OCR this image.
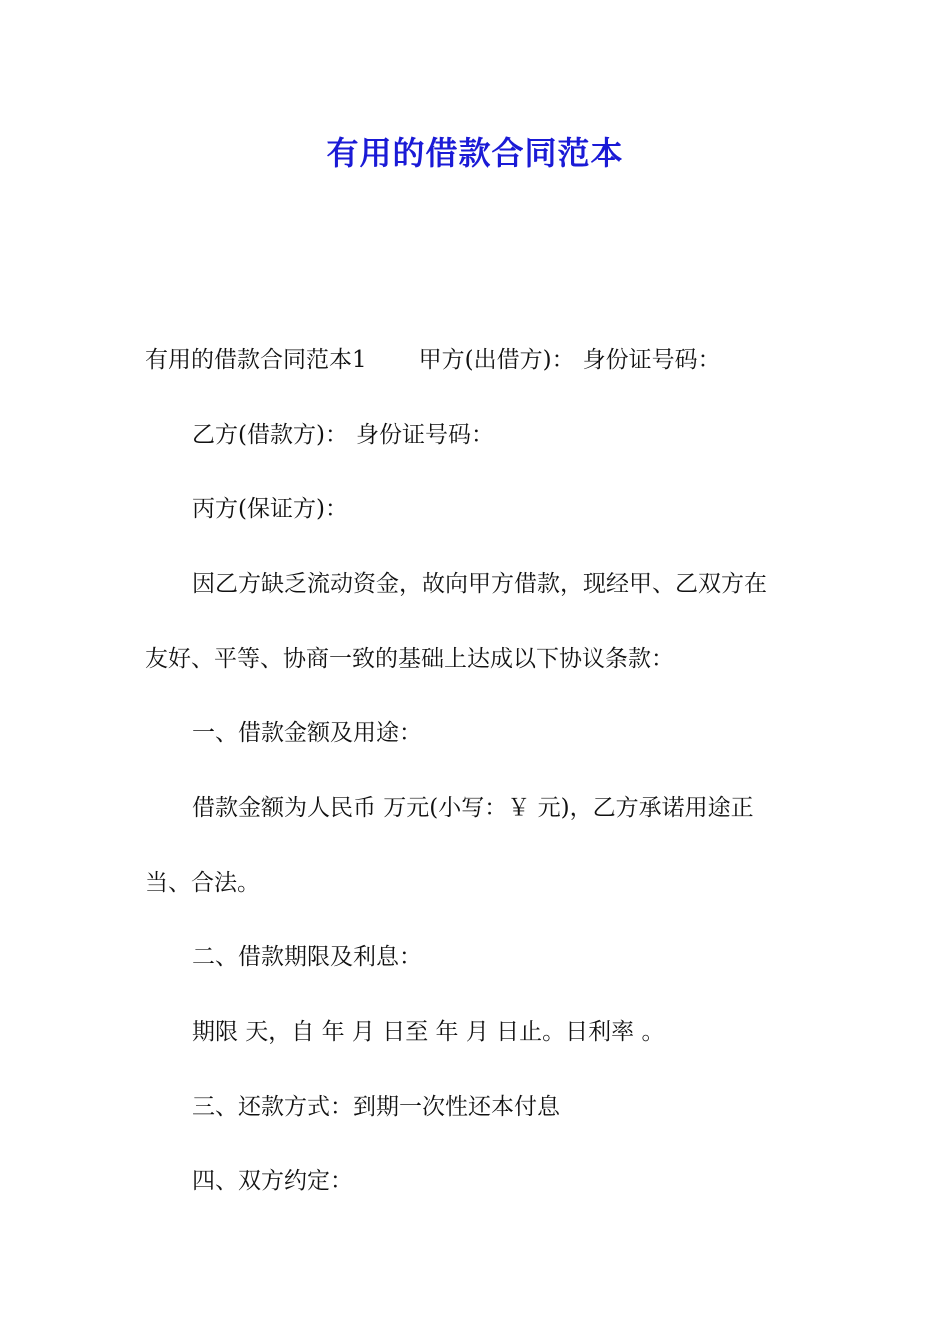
有用的借款合同范本
有用的借款合同范本1 甲方(出借方)： 身份证号码：
乙方(借款方)： 身份证号码：
丙方(保证方)：
因乙方缺乏流动资金，故向甲方借款，现经甲、乙双方在
友好、平等、协商一致的基础上达成以下协议条款：
一、借款金额及用途：
借款金额为人民币 万元(小写：￥ 元)，乙方承诺用途正
当、合法。
二、借款期限及利息：
期限 天，自 年 月 日至 年 月 日止。日利率 。
三、还款方式：到期一次性还本付息
四、双方约定：
